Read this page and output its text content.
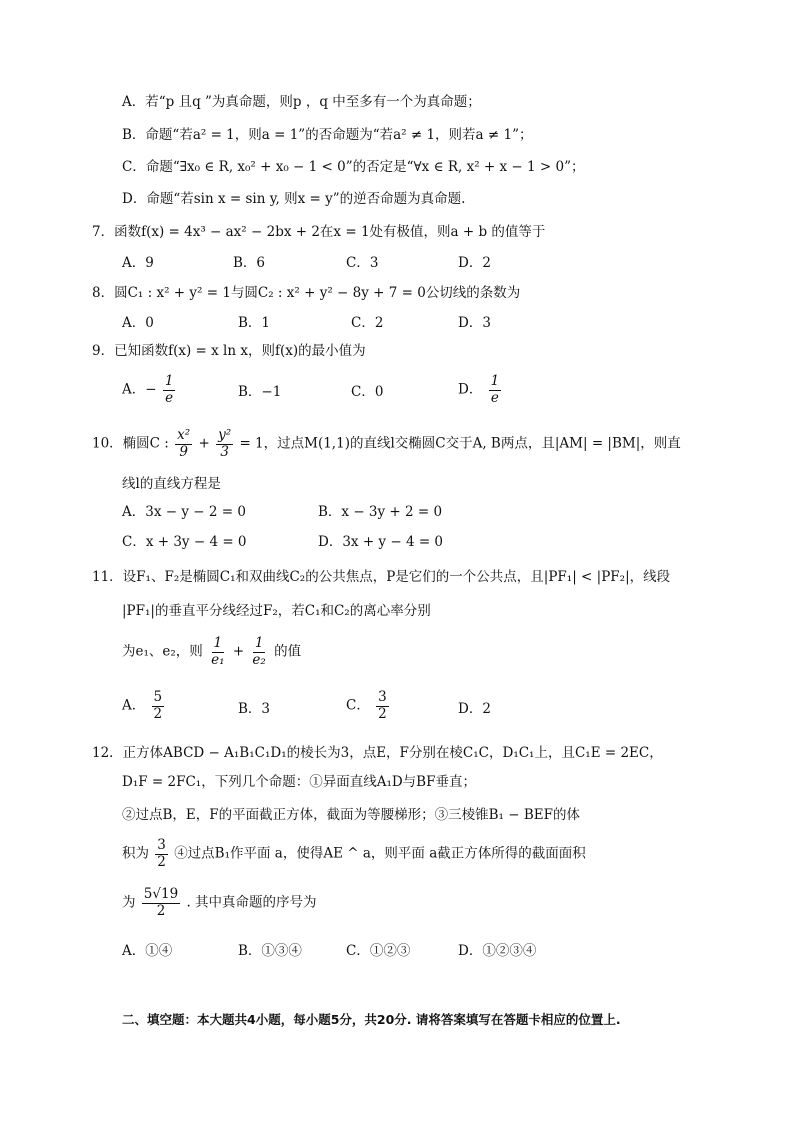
A．若“p 且q ”为真命题，则p ，q 中至多有一个为真命题；
B．命题“若a² = 1，则a = 1”的否命题为“若a² ≠ 1，则若a ≠ 1”；
C．命题“∃x₀ ∈ R, x₀² + x₀ − 1 < 0”的否定是“∀x ∈ R, x² + x − 1 > 0”；
D．命题“若sin x = sin y, 则x = y”的逆否命题为真命题.
7．函数f(x) = 4x³ − ax² − 2bx + 2在x = 1处有极值，则a + b 的值等于
A．9	B．6	C．3	D．2
8．圆C₁ : x² + y² = 1与圆C₂ : x² + y² − 8y + 7 = 0公切线的条数为
A．0	B．1	C．2	D．3
9．已知函数f(x) = x ln x，则f(x)的最小值为
A．− $\frac{1}{e}$	B．−1	C．0	D． $\frac{1}{e}$
10．椭圆C : $\frac{\text{x²}}{9} + \frac{\text{y²}}{3} = 1$，过点M(1,1)的直线l交椭圆C交于A, B两点，且|AM| = |BM|，则直
线l的直线方程是
A．3x − y − 2 = 0	B．x − 3y + 2 = 0
C．x + 3y − 4 = 0	D．3x + y − 4 = 0
11．设F₁、F₂是椭圆C₁和双曲线C₂的公共焦点，P是它们的一个公共点，且|PF₁| < |PF₂|，线段
|PF₁|的垂直平分线经过F₂，若C₁和C₂的离心率分别
为e₁、e₂，则 $\frac{1}{\text{e₁}} + \frac{1}{\text{e₂}}$ 的值
A． $\frac{5}{2}$	B．3	C． $\frac{3}{2}$	D．2
12．正方体ABCD − A₁B₁C₁D₁的棱长为3，点E，F分别在棱C₁C，D₁C₁上，且C₁E = 2EC，
D₁F = 2FC₁，下列几个命题：①异面直线A₁D与BF垂直；
②过点B，E，F的平面截正方体，截面为等腰梯形；③三棱锥B₁ − BEF的体
积为 $\frac{3}{2}$ ④过点B₁作平面 a，使得AE ^ a，则平面 a截正方体所得的截面面积
为 $\frac{5√19}{2}$ . 其中真命题的序号为
A．①④	B．①③④	C．①②③	D．①②③④
二、填空题：本大题共4小题，每小题5分，共20分. 请将答案填写在答题卡相应的位置上.
